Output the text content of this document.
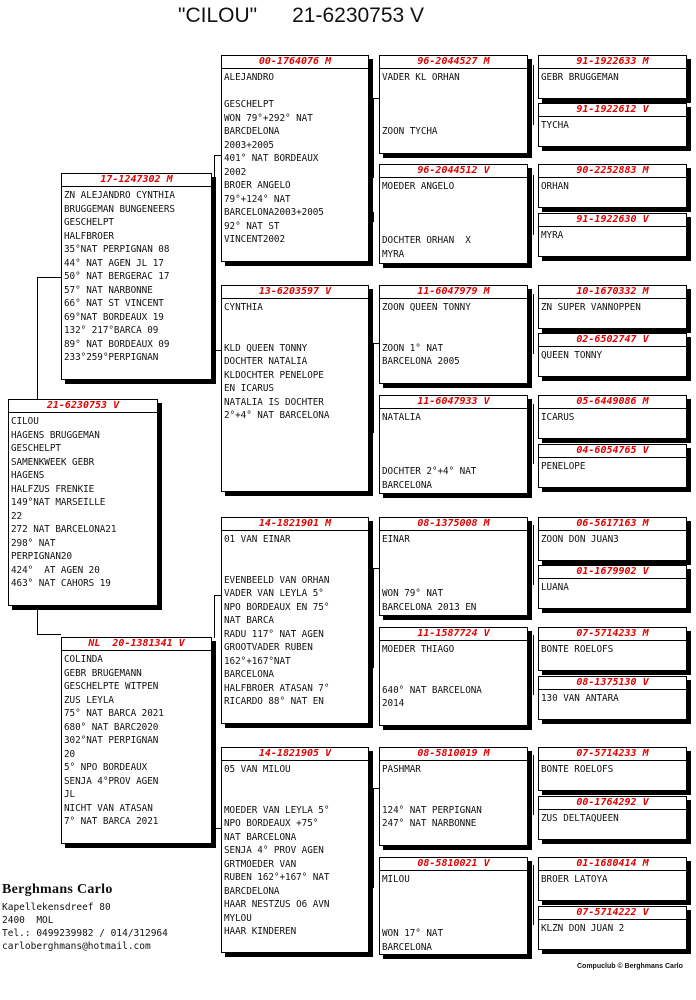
"CILOU" 21-6230753 V
21-6230753 V
CILOU
HAGENS BRUGGEMAN
GESCHELPT
SAMENKWEEK GEBR
HAGENS
HALFZUS FRENKIE
149°NAT MARSEILLE
22
272 NAT BARCELONA21
298° NAT
PERPIGNAN20
424°  AT AGEN 20
463° NAT CAHORS 19
17-1247302 M
ZN ALEJANDRO CYNTHIA
BRUGGEMAN BUNGENEERS
GESCHELPT
HALFBROER
35°NAT PERPIGNAN 08
44° NAT AGEN JL 17
50° NAT BERGERAC 17
57° NAT NARBONNE
66° NAT ST VINCENT
69°NAT BORDEAUX 19
132° 217°BARCA 09
89° NAT BORDEAUX 09
233°259°PERPIGNAN
NL  20-1381341 V
COLINDA
GEBR BRUGEMANN
GESCHELPTE WITPEN
ZUS LEYLA
75° NAT BARCA 2021
680° NAT BARC2020
302°NAT PERPIGNAN
20
5° NPO BORDEAUX
SENJA 4°PROV AGEN
JL
NICHT VAN ATASAN
7° NAT BARCA 2021
00-1764076 M
ALEJANDRO

GESCHELPT
WON 79°+292° NAT
BARCDELONA
2003+2005
401° NAT BORDEAUX
2002
BROER ANGELO
79°+124° NAT
BARCELONA2003+2005
92° NAT ST
VINCENT2002
13-6203597 V
CYNTHIA

KLD QUEEN TONNY
DOCHTER NATALIA
KLDOCHTER PENELOPE
EN ICARUS
NATALIA IS DOCHTER
2°+4° NAT BARCELONA
14-1821901 M
01 VAN EINAR

EVENBEELD VAN ORHAN
VADER VAN LEYLA 5°
NPO BORDEAUX EN 75°
NAT BARCA
RADU 117° NAT AGEN
GROOTVADER RUBEN
162°+167°NAT
BARCELONA
HALFBROER ATASAN 7°
RICARDO 88° NAT EN
14-1821905 V
05 VAN MILOU

MOEDER VAN LEYLA 5°
NPO BORDEAUX +75°
NAT BARCELONA
SENJA 4° PROV AGEN
GRTMOEDER VAN
RUBEN 162°+167° NAT
BARCDELONA
HAAR NESTZUS O6 AVN
MYLOU
HAAR KINDEREN
96-2044527 M
VADER KL ORHAN

ZOON TYCHA
96-2044512 V
MOEDER ANGELO

DOCHTER ORHAN  X
MYRA
11-6047979 M
ZOON QUEEN TONNY

ZOON 1° NAT
BARCELONA 2005
11-6047933 V
NATALIA

DOCHTER 2°+4° NAT
BARCELONA
08-1375008 M
EINAR

WON 79° NAT
BARCELONA 2013 EN
11-1587724 V
MOEDER THIAGO

640° NAT BARCELONA
2014
08-5810019 M
PASHMAR

124° NAT PERPIGNAN
247° NAT NARBONNE
08-5810021 V
MILOU

WON 17° NAT
BARCELONA
91-1922633 M
GEBR BRUGGEMAN
91-1922612 V
TYCHA
90-2252883 M
ORHAN
91-1922630 V
MYRA
10-1670332 M
ZN SUPER VANNOPPEN
02-6502747 V
QUEEN TONNY
05-6449086 M
ICARUS
04-6054765 V
PENELOPE
06-5617163 M
ZOON DON JUAN3
01-1679902 V
LUANA
07-5714233 M
BONTE ROELOFS
08-1375130 V
130 VAN ANTARA
07-5714233 M
BONTE ROELOFS
00-1764292 V
ZUS DELTAQUEEN
01-1680414 M
BROER LATOYA
07-5714222 V
KLZN DON JUAN 2
Berghmans Carlo
Kapellekensdreef 80
2400  MOL
Tel.: 0499239982 / 014/312964
carloberghmans@hotmail.com
Compuclub © Berghmans Carlo
